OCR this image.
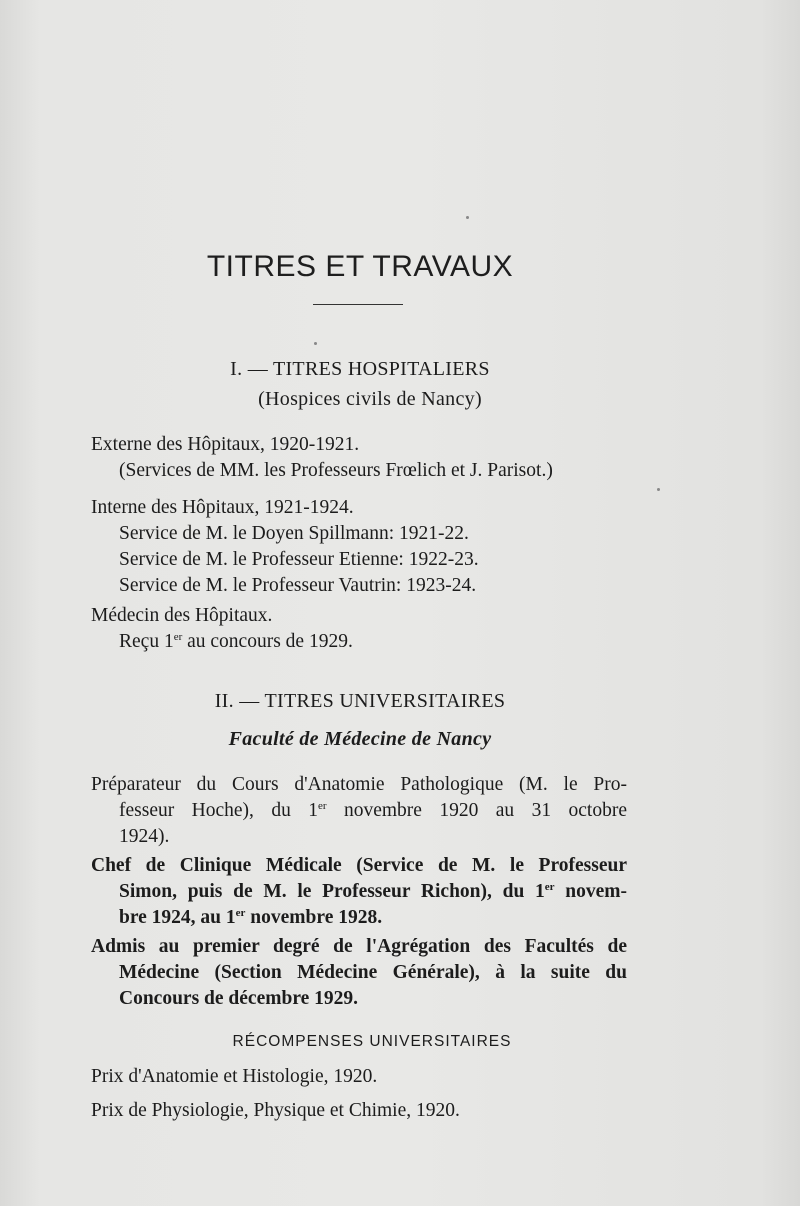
TITRES ET TRAVAUX
I. — TITRES HOSPITALIERS
(Hospices civils de Nancy)
Externe des Hôpitaux, 1920-1921.
(Services de MM. les Professeurs Frœlich et J. Parisot.)
Interne des Hôpitaux, 1921-1924.
Service de M. le Doyen Spillmann: 1921-22.
Service de M. le Professeur Etienne: 1922-23.
Service de M. le Professeur Vautrin: 1923-24.
Médecin des Hôpitaux.
Reçu 1er au concours de 1929.
II. — TITRES UNIVERSITAIRES
Faculté de Médecine de Nancy
Préparateur du Cours d'Anatomie Pathologique (M. le Pro-
fesseur Hoche), du 1er novembre 1920 au 31 octobre
1924).
Chef de Clinique Médicale (Service de M. le Professeur
Simon, puis de M. le Professeur Richon), du 1er novem-
bre 1924, au 1er novembre 1928.
Admis au premier degré de l'Agrégation des Facultés de
Médecine (Section Médecine Générale), à la suite du
Concours de décembre 1929.
RÉCOMPENSES UNIVERSITAIRES
Prix d'Anatomie et Histologie, 1920.
Prix de Physiologie, Physique et Chimie, 1920.
